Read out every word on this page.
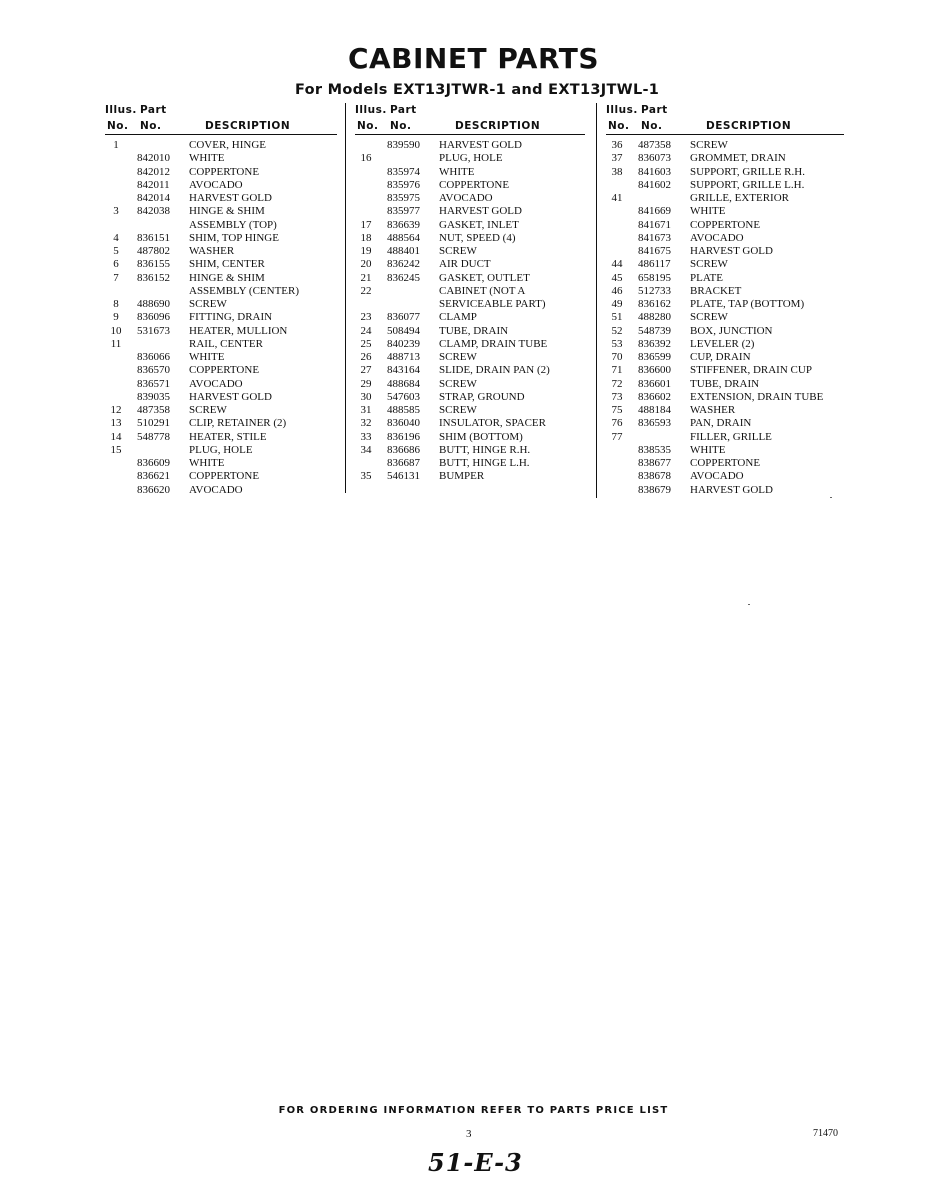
CABINET PARTS
For Models EXT13JTWR-1 and EXT13JTWL-1
Illus. Part
No. No.	DESCRIPTION
1	COVER, HINGE
842010 WHITE
842012 COPPERTONE
842011 AVOCADO
842014 HARVEST GOLD
3	842038 HINGE & SHIM
ASSEMBLY (TOP)
4	836151 SHIM, TOP HINGE
5	487802 WASHER
6	836155 SHIM, CENTER
7	836152 HINGE & SHIM
ASSEMBLY (CENTER)
8	488690 SCREW
9	836096 FITTING, DRAIN
10	531673 HEATER, MULLION
11	RAIL, CENTER
836066 WHITE
836570 COPPERTONE
836571 AVOCADO
839035 HARVEST GOLD
12	487358 SCREW
13	510291 CLIP, RETAINER (2)
14	548778 HEATER, STILE
15	PLUG, HOLE
836609 WHITE
836621 COPPERTONE
836620 AVOCADO
Illus. Part
No. No.	DESCRIPTION
839590 HARVEST GOLD
16	PLUG, HOLE
835974 WHITE
835976 COPPERTONE
835975 AVOCADO
835977 HARVEST GOLD
17	836639 GASKET, INLET
18	488564 NUT, SPEED (4)
19	488401 SCREW
20	836242 AIR DUCT
21	836245 GASKET, OUTLET
22	CABINET (NOT A
SERVICEABLE PART)
23	836077 CLAMP
24	508494 TUBE, DRAIN
25	840239 CLAMP, DRAIN TUBE
26	488713 SCREW
27	843164 SLIDE, DRAIN PAN (2)
29	488684 SCREW
30	547603 STRAP, GROUND
31	488585 SCREW
32	836040 INSULATOR, SPACER
33	836196 SHIM (BOTTOM)
34	836686 BUTT, HINGE R.H.
836687 BUTT, HINGE L.H.
35	546131 BUMPER
Illus. Part
No. No.	DESCRIPTION
36	487358 SCREW
37	836073 GROMMET, DRAIN
38	841603 SUPPORT, GRILLE R.H.
841602 SUPPORT, GRILLE L.H.
41	GRILLE, EXTERIOR
841669 WHITE
841671 COPPERTONE
841673 AVOCADO
841675 HARVEST GOLD
44	486117 SCREW
45	658195 PLATE
46	512733 BRACKET
49	836162 PLATE, TAP (BOTTOM)
51	488280 SCREW
52	548739 BOX, JUNCTION
53	836392 LEVELER (2)
70	836599 CUP, DRAIN
71	836600 STIFFENER, DRAIN CUP
72	836601 TUBE, DRAIN
73	836602 EXTENSION, DRAIN TUBE
75	488184 WASHER
76	836593 PAN, DRAIN
77	FILLER, GRILLE
838535 WHITE
838677 COPPERTONE
838678 AVOCADO
838679 HARVEST GOLD
FOR ORDERING INFORMATION REFER TO PARTS PRICE LIST
3	71470
51-E-3
